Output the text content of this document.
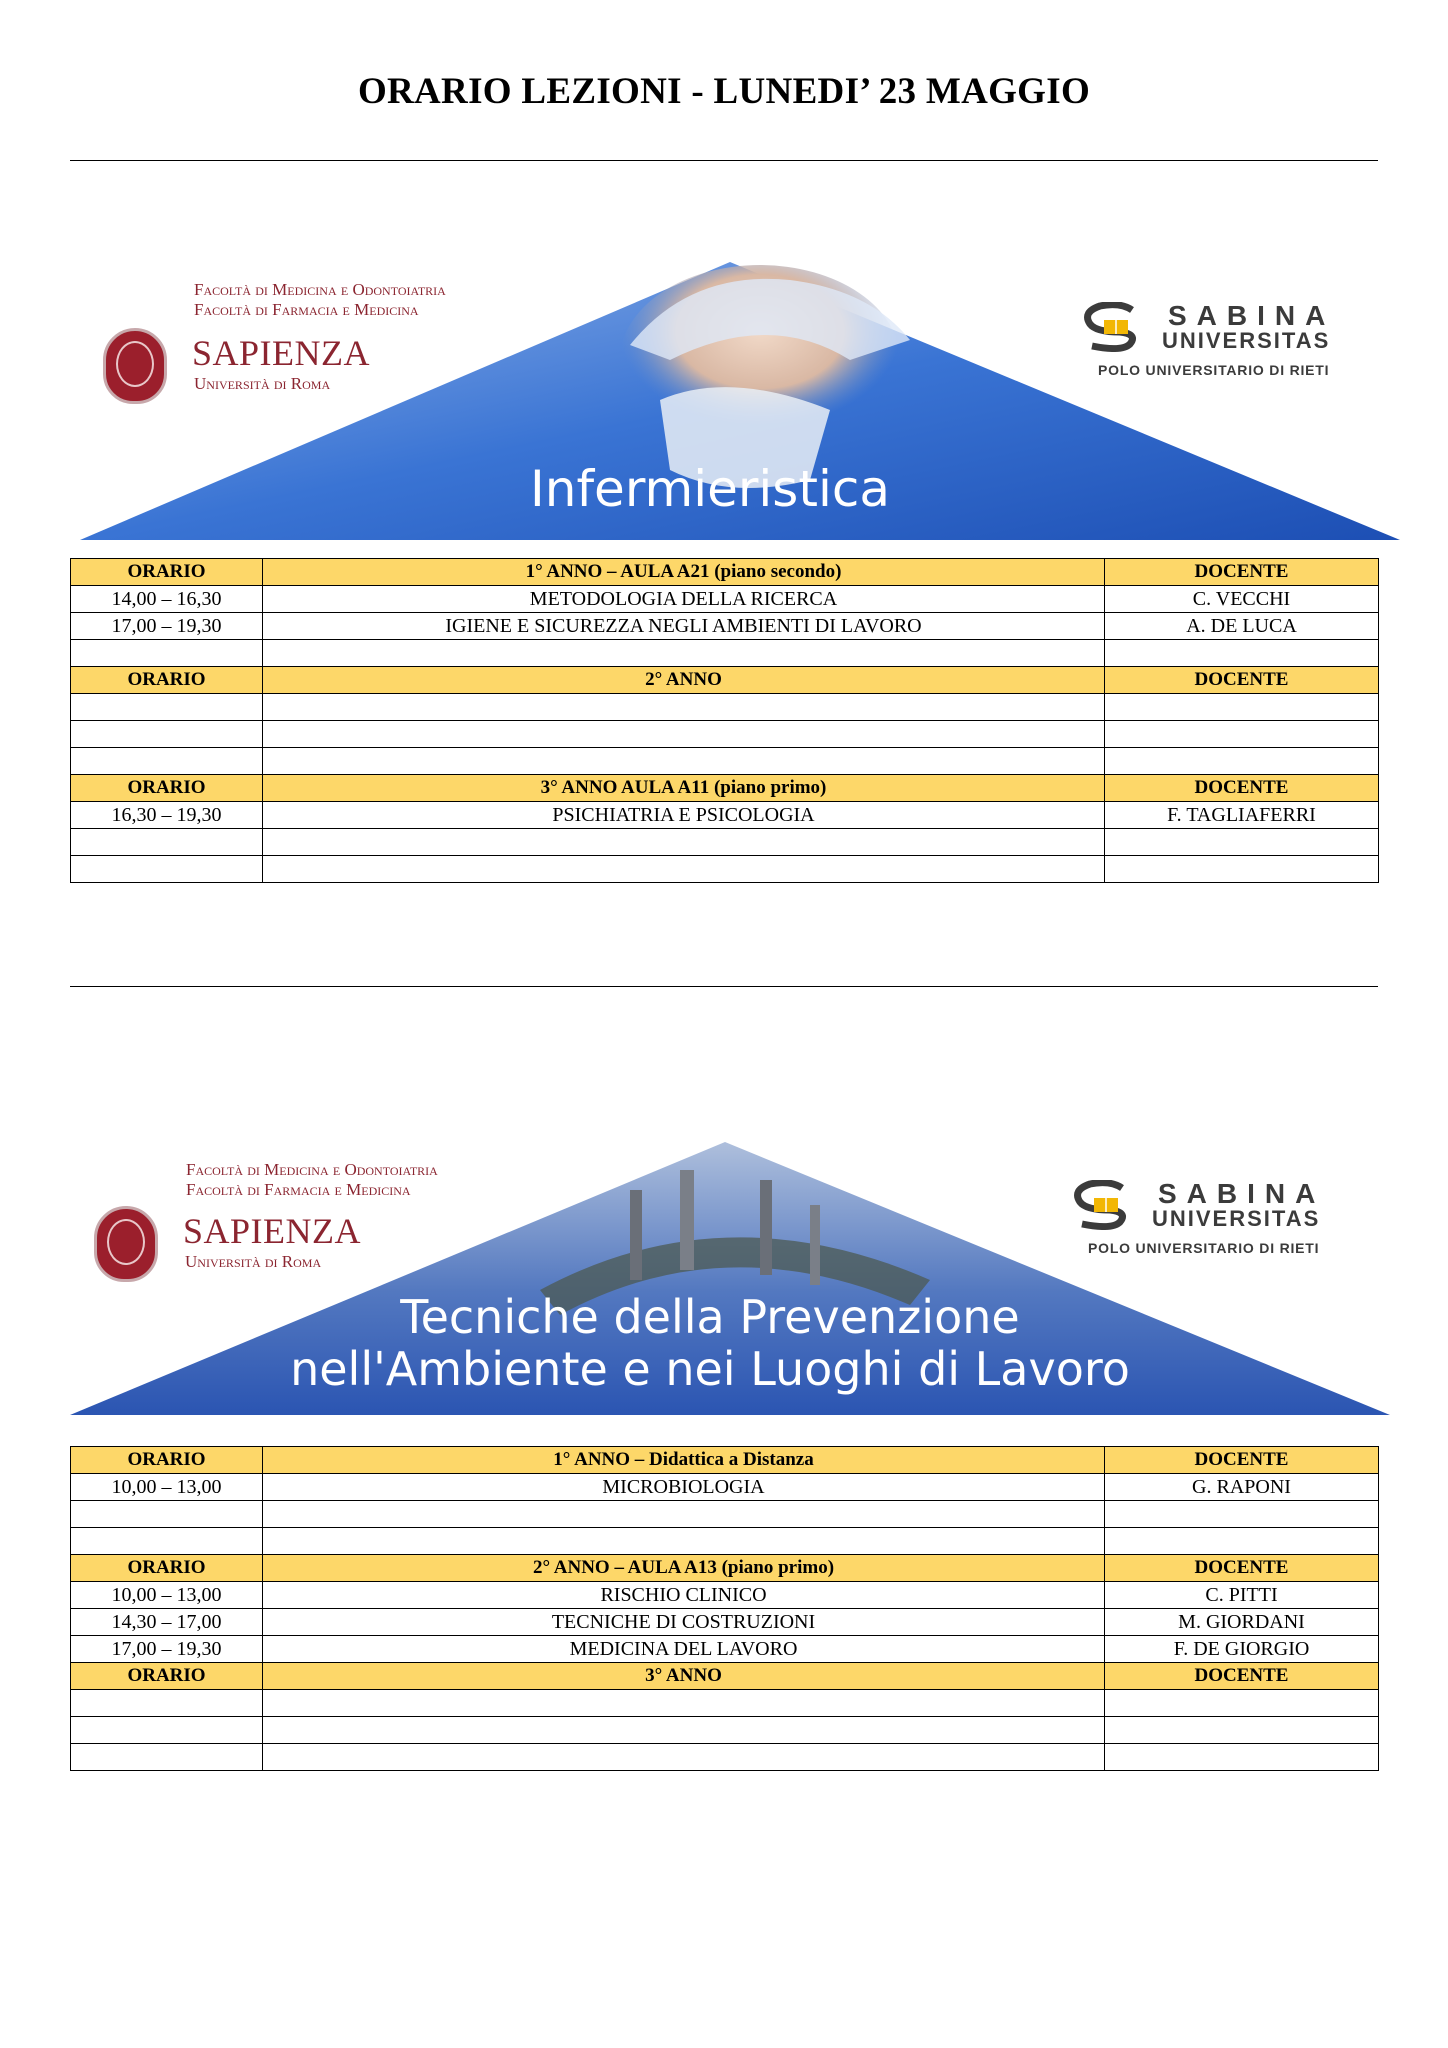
ORARIO LEZIONI - LUNEDI’ 23 MAGGIO
Facoltà di Medicina e Odontoiatria
Facoltà di Farmacia e Medicina
SAPIENZA
Università di Roma
SABINA
UNIVERSITAS
POLO UNIVERSITARIO DI RIETI
Infermieristica
ORARIO	1° ANNO – AULA A21 (piano secondo)	DOCENTE
14,00 – 16,30	METODOLOGIA DELLA RICERCA	C. VECCHI
17,00 – 19,30	IGIENE E SICUREZZA NEGLI AMBIENTI DI LAVORO	A. DE LUCA

ORARIO	2° ANNO	DOCENTE

ORARIO	3° ANNO AULA A11 (piano primo)	DOCENTE
16,30 – 19,30	PSICHIATRIA E PSICOLOGIA	F. TAGLIAFERRI

Facoltà di Medicina e Odontoiatria
Facoltà di Farmacia e Medicina
SAPIENZA
Università di Roma
SABINA
UNIVERSITAS
POLO UNIVERSITARIO DI RIETI
Tecniche della Prevenzione
nell'Ambiente e nei Luoghi di Lavoro
ORARIO	1° ANNO – Didattica a Distanza	DOCENTE
10,00 – 13,00	MICROBIOLOGIA	G. RAPONI

ORARIO	2° ANNO – AULA A13 (piano primo)	DOCENTE
10,00 – 13,00	RISCHIO CLINICO	C. PITTI
14,30 – 17,00	TECNICHE DI COSTRUZIONI	M. GIORDANI
17,00 – 19,30	MEDICINA DEL LAVORO	F. DE GIORGIO
ORARIO	3° ANNO	DOCENTE
